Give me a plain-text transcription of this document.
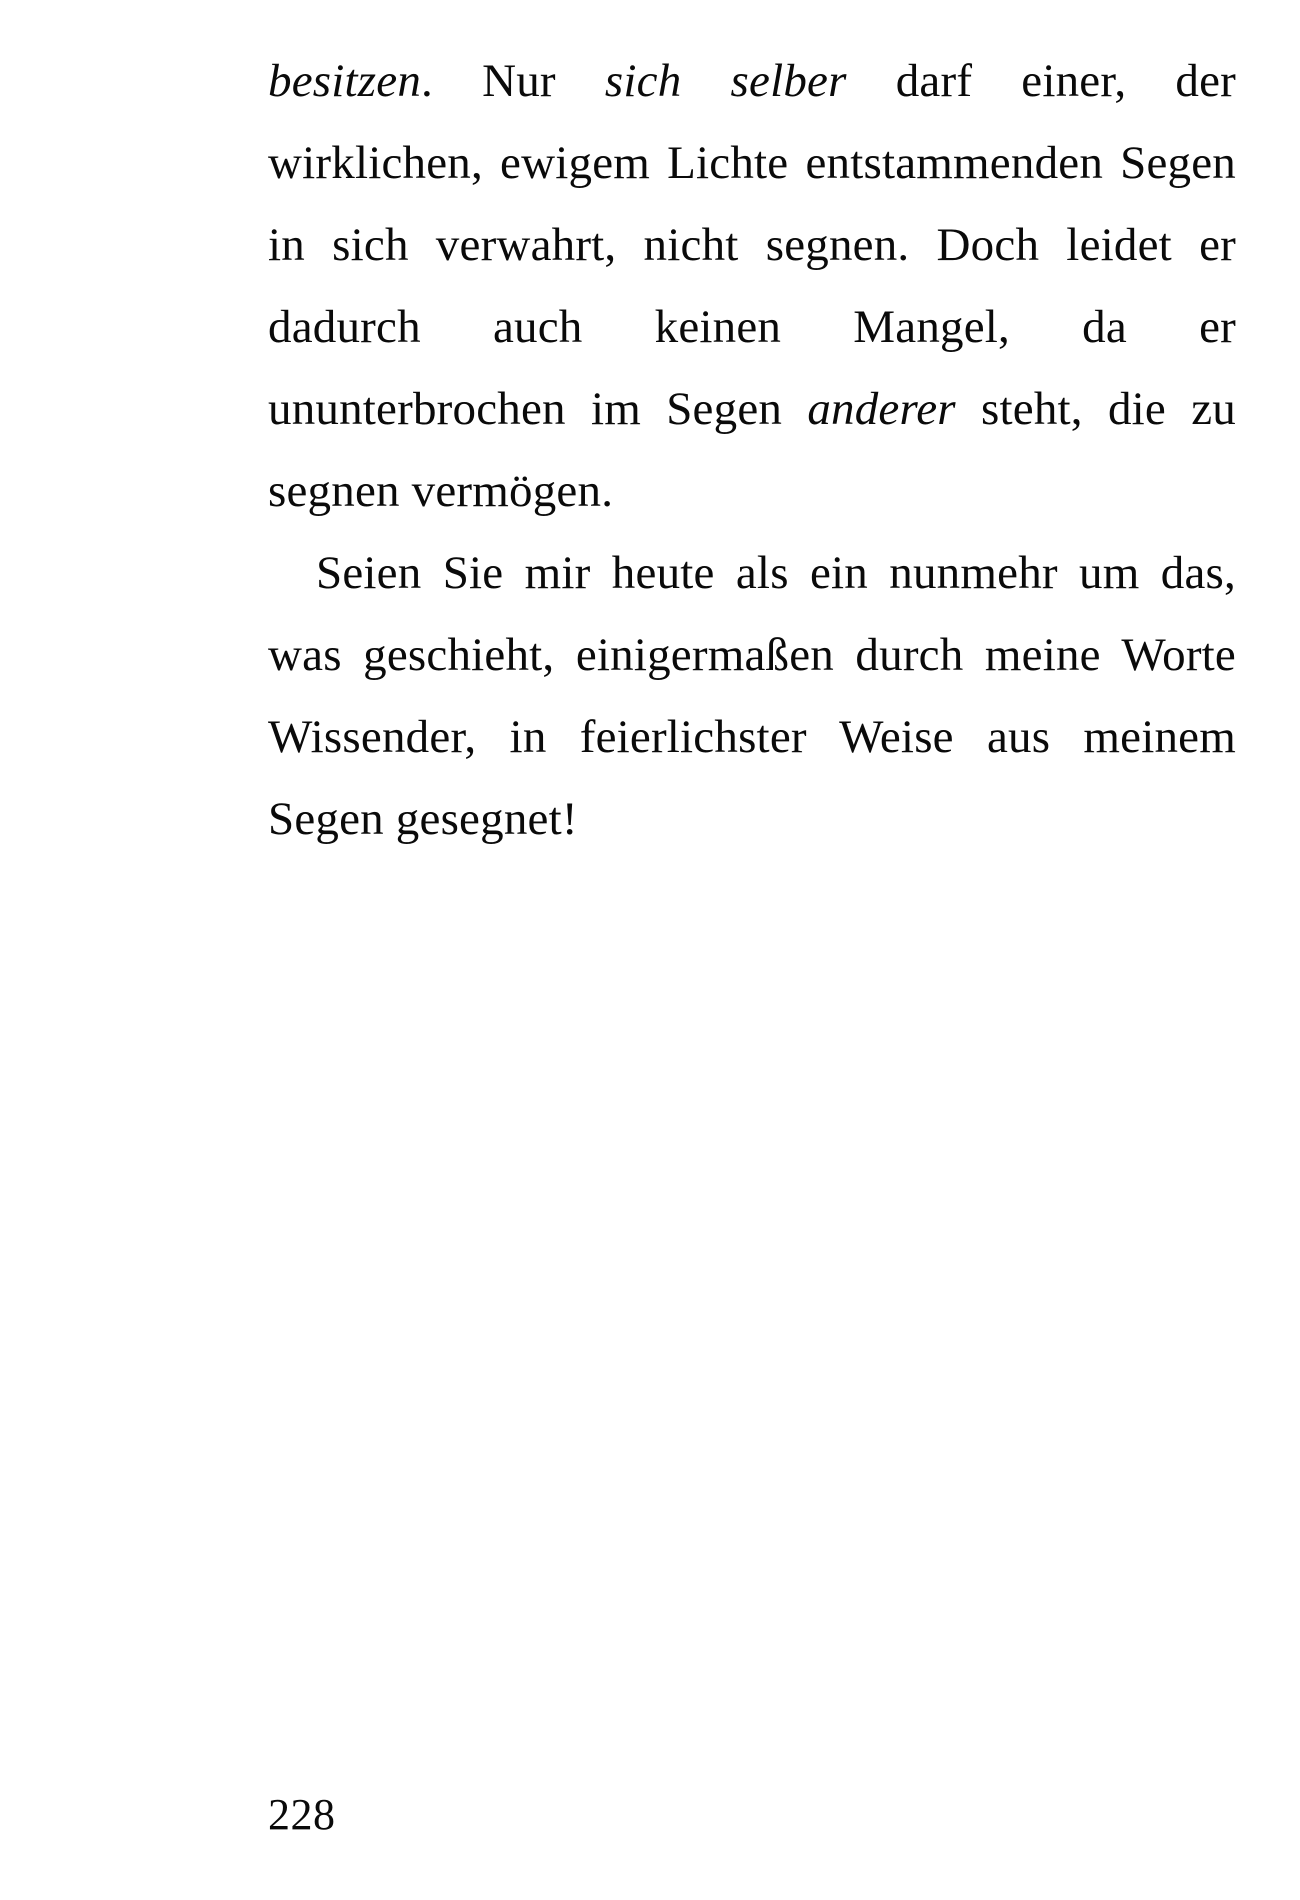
besitzen. Nur sich selber darf einer, der wirklichen, ewigem Lichte entstammenden Segen in sich verwahrt, nicht segnen. Doch leidet er dadurch auch keinen Mangel, da er ununterbrochen im Segen anderer steht, die zu segnen vermögen.

Seien Sie mir heute als ein nunmehr um das, was geschieht, einigermaßen durch meine Worte Wissender, in feierlichster Weise aus meinem Segen gesegnet!

228
